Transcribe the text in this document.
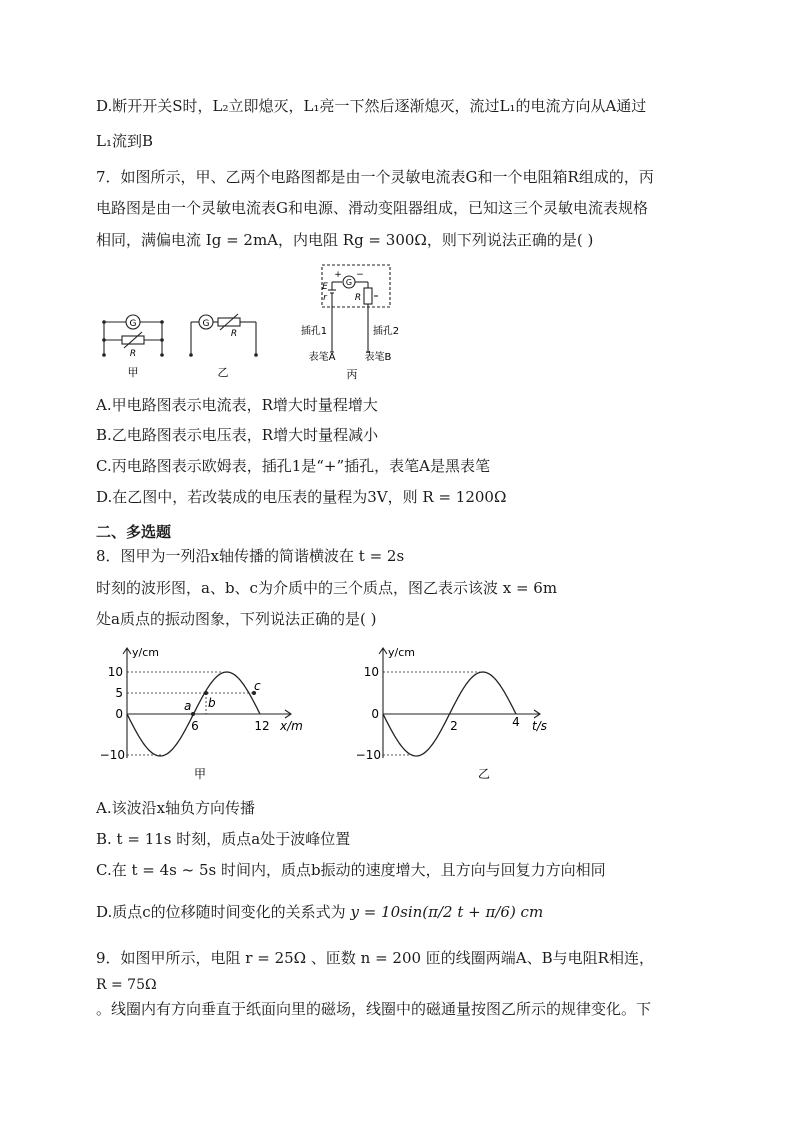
D.断开开关S时，L₂立即熄灭，L₁亮一下然后逐渐熄灭，流过L₁的电流方向从A通过
L₁流到B
7．如图所示，甲、乙两个电路图都是由一个灵敏电流表G和一个电阻箱R组成的，丙
电路图是由一个灵敏电流表G和电源、滑动变阻器组成，已知这三个灵敏电流表规格
相同，满偏电流 Ig = 2mA，内电阻 Rg = 300Ω，则下列说法正确的是( )
G
R
G
R
G
+ −
E
r	R
插孔1	插孔2
表笔A	表笔B
甲	乙	丙
A.甲电路图表示电流表，R增大时量程增大
B.乙电路图表示电压表，R增大时量程减小
C.丙电路图表示欧姆表，插孔1是“+”插孔，表笔A是黑表笔
D.在乙图中，若改装成的电压表的量程为3V，则 R = 1200Ω
二、多选题
8．图甲为一列沿x轴传播的简谐横波在 t = 2s
时刻的波形图，a、b、c为介质中的三个质点，图乙表示该波 x = 6m
处a质点的振动图象，下列说法正确的是( )
y/cm
10
5
0
−10
6	12 x/m
a b
c
甲
y/cm
10
0
−10
2	4 t/s
乙
A.该波沿x轴负方向传播
B. t = 11s 时刻，质点a处于波峰位置
C.在 t = 4s ~ 5s 时间内，质点b振动的速度增大，且方向与回复力方向相同
D.质点c的位移随时间变化的关系式为 y = 10sin(π/2 t + π/6) cm
9．如图甲所示，电阻 r = 25Ω 、匝数 n = 200 匝的线圈两端A、B与电阻R相连，
R = 75Ω
。线圈内有方向垂直于纸面向里的磁场，线圈中的磁通量按图乙所示的规律变化。下
